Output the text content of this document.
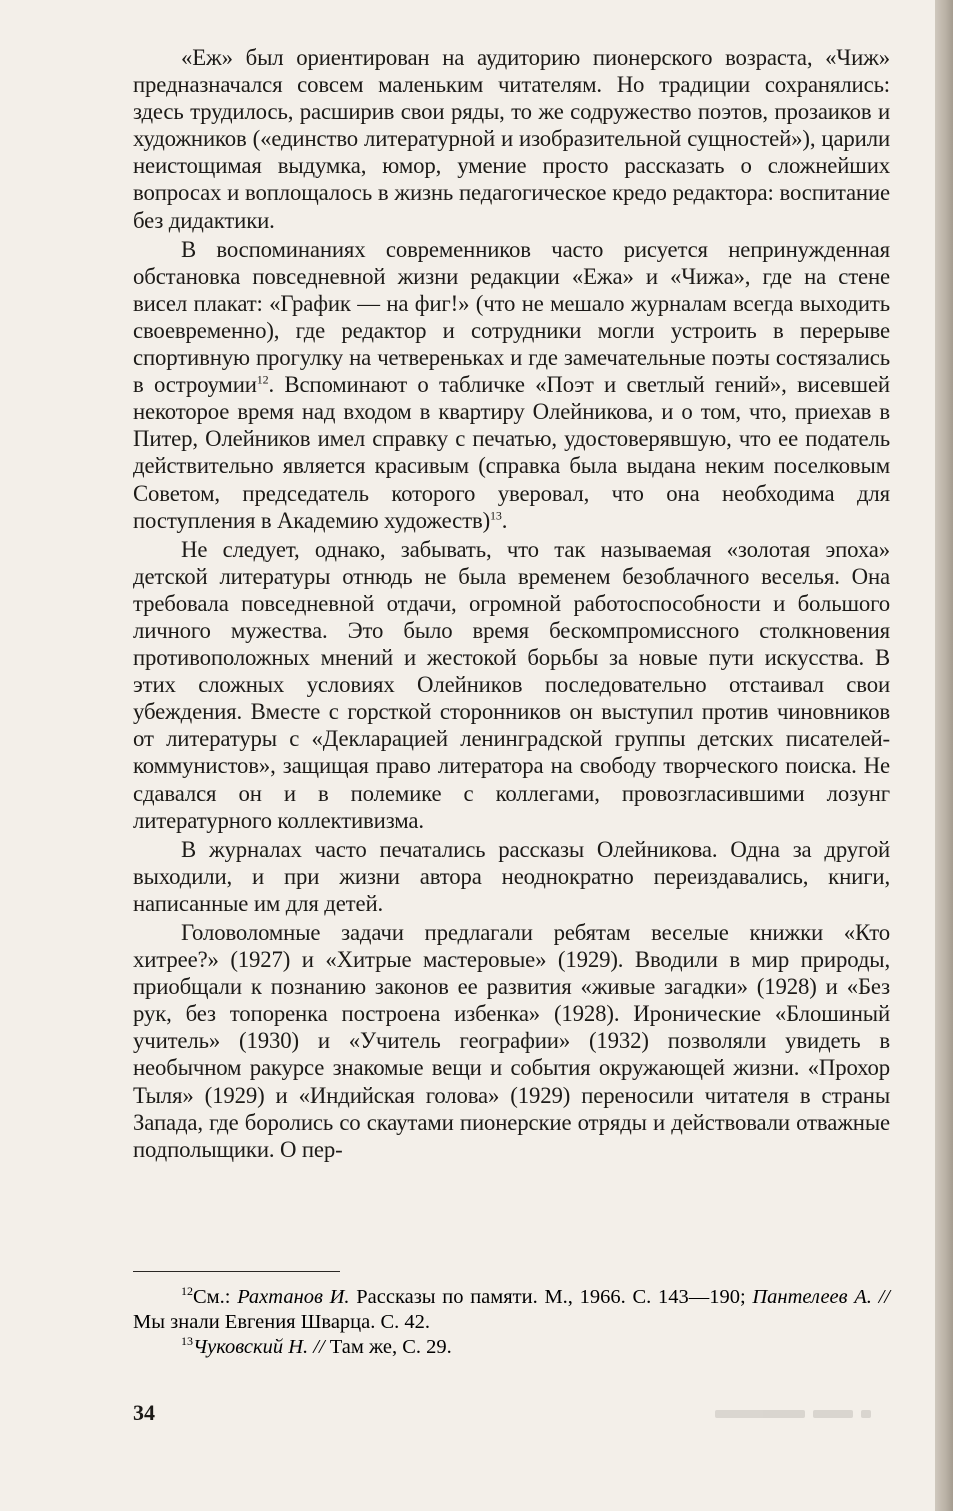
«Еж» был ориентирован на аудиторию пионерского возраста, «Чиж» предназначался совсем маленьким читателям. Но традиции сохранялись: здесь трудилось, расширив свои ряды, то же содружество поэтов, прозаиков и художников («единство литературной и изобразительной сущностей»), царили неистощимая выдумка, юмор, умение просто рассказать о сложнейших вопросах и воплощалось в жизнь педагогическое кредо редактора: воспитание без дидактики.

В воспоминаниях современников часто рисуется непринужденная обстановка повседневной жизни редакции «Ежа» и «Чижа», где на стене висел плакат: «График — на фиг!» (что не мешало журналам всегда выходить своевременно), где редактор и сотрудники могли устроить в перерыве спортивную прогулку на четвереньках и где замечательные поэты состязались в остроумии$^{12}$. Вспоминают о табличке «Поэт и светлый гений», висевшей некоторое время над входом в квартиру Олейникова, и о том, что, приехав в Питер, Олейников имел справку с печатью, удостоверявшую, что ее податель действительно является красивым (справка была выдана неким поселковым Советом, председатель которого уверовал, что она необходима для поступления в Академию художеств)$^{13}$.

Не следует, однако, забывать, что так называемая «золотая эпоха» детской литературы отнюдь не была временем безоблачного веселья. Она требовала повседневной отдачи, огромной работоспособности и большого личного мужества. Это было время бескомпромиссного столкновения противоположных мнений и жестокой борьбы за новые пути искусства. В этих сложных условиях Олейников последовательно отстаивал свои убеждения. Вместе с горсткой сторонников он выступил против чиновников от литературы с «Декларацией ленинградской группы детских писателей-коммунистов», защищая право литератора на свободу творческого поиска. Не сдавался он и в полемике с коллегами, провозгласившими лозунг литературного коллективизма.

В журналах часто печатались рассказы Олейникова. Одна за другой выходили, и при жизни автора неоднократно переиздавались, книги, написанные им для детей.

Головоломные задачи предлагали ребятам веселые книжки «Кто хитрее?» (1927) и «Хитрые мастеровые» (1929). Вводили в мир природы, приобщали к познанию законов ее развития «живые загадки» (1928) и «Без рук, без топоренка построена избенка» (1928). Иронические «Блошиный учитель» (1930) и «Учитель географии» (1932) позволяли увидеть в необычном ракурсе знакомые вещи и события окружающей жизни. «Прохор Тыля» (1929) и «Индийская голова» (1929) переносили читателя в страны Запада, где боролись со скаутами пионерские отряды и действовали отважные подполыщики. О пер-

$^{12}$См.: Рахтанов И. Рассказы по памяти. М., 1966. С. 143—190; Пантелеев А. // Мы знали Евгения Шварца. С. 42.

$^{13}$Чуковский Н. // Там же, С. 29.

34
